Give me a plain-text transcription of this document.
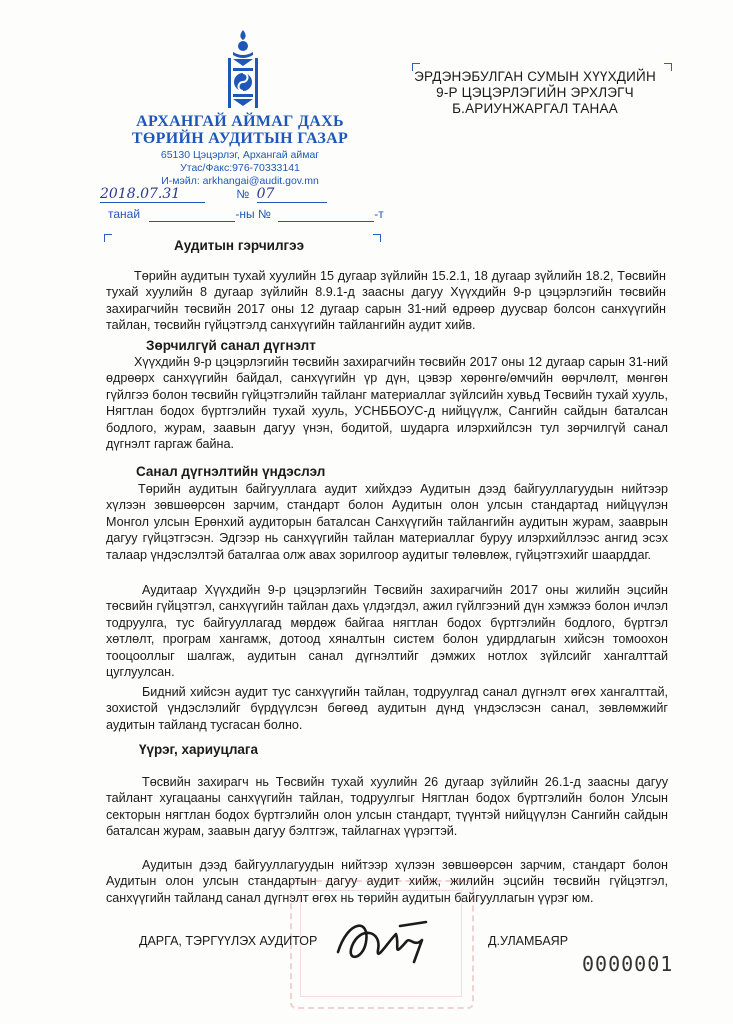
АРХАНГАЙ АЙМАГ ДАХЬ
ТӨРИЙН АУДИТЫН ГАЗАР
65130 Цэцэрлэг, Архангай аймаг
Утас/Факс:976-70333141
И-мэйл: arkhangai@audit.gov.mn
ЭРДЭНЭБУЛГАН СУМЫН ХҮҮХДИЙН
9-Р ЦЭЦЭРЛЭГИЙН ЭРХЛЭГЧ
Б.АРИУНЖАРГАЛ ТАНАА
2018.07.31	№ 07
танай	-ны №	-т
Аудитын гэрчилгээ
Төрийн аудитын тухай хуулийн 15 дугаар зүйлийн 15.2.1, 18 дугаар зүйлийн 18.2, Төсвийн тухай хуулийн 8 дугаар зүйлийн 8.9.1-д заасны дагуу Хүүхдийн 9-р цэцэрлэгийн төсвийн захирагчийн төсвийн 2017 оны 12 дугаар сарын 31-ний өдрөөр дуусвар болсон санхүүгийн тайлан, төсвийн гүйцэтгэлд санхүүгийн тайлангийн аудит хийв.
Зөрчилгүй санал дүгнэлт
Хүүхдийн 9-р цэцэрлэгийн төсвийн захирагчийн төсвийн 2017 оны 12 дугаар сарын 31-ний өдрөөрх санхүүгийн байдал, санхүүгийн үр дүн, цэвэр хөрөнгө/өмчийн өөрчлөлт, мөнгөн гүйлгээ болон төсвийн гүйцэтгэлийн тайланг материаллаг зүйлсийн хувьд Төсвийн тухай хууль, Нягтлан бодох бүртгэлийн тухай хууль, УСНББОУС-д нийцүүлж, Сангийн сайдын баталсан бодлого, журам, заавын дагуу үнэн, бодитой, шударга илэрхийлсэн тул зөрчилгүй санал дүгнэлт гаргаж байна.
Санал дүгнэлтийн үндэслэл
Төрийн аудитын байгууллага аудит хийхдээ Аудитын дээд байгууллагуудын нийтээр хүлээн зөвшөөрсөн зарчим, стандарт болон Аудитын олон улсын стандартад нийцүүлэн Монгол улсын Ерөнхий аудиторын баталсан Санхүүгийн тайлангийн аудитын журам, зааврын дагуу гүйцэтгэсэн. Эдгээр нь санхүүгийн тайлан материаллаг буруу илэрхийллээс ангид эсэх талаар үндэслэлтэй баталгаа олж авах зорилгоор аудитыг төлөвлөж, гүйцэтгэхийг шаарддаг.
Аудитаар Хүүхдийн 9-р цэцэрлэгийн Төсвийн захирагчийн 2017 оны жилийн эцсийн төсвийн гүйцэтгэл, санхүүгийн тайлан дахь үлдэгдэл, ажил гүйлгээний дүн хэмжээ болон ичлэл тодруулга, тус байгууллагад мөрдөж байгаа нягтлан бодох бүртгэлийн бодлого, бүртгэл хөтлөлт, програм хангамж, дотоод хяналтын систем болон удирдлагын хийсэн томоохон тооцооллыг шалгаж, аудитын санал дүгнэлтийг дэмжих нотлох зүйлсийг хангалттай цуглуулсан.
Бидний хийсэн аудит тус санхүүгийн тайлан, тодруулгад санал дүгнэлт өгөх хангалттай, зохистой үндэслэлийг бүрдүүлсэн бөгөөд аудитын дүнд үндэслэсэн санал, зөвлөмжийг аудитын тайланд тусгасан болно.
Үүрэг, хариуцлага
Төсвийн захирагч нь Төсвийн тухай хуулийн 26 дугаар зүйлийн 26.1-д заасны дагуу тайлант хугацааны санхүүгийн тайлан, тодруулгыг Нягтлан бодох бүртгэлийн болон Улсын секторын нягтлан бодох бүртгэлийн олон улсын стандарт, түүнтэй нийцүүлэн Сангийн сайдын баталсан журам, заавын дагуу бэлтгэж, тайлагнах үүрэгтэй.
Аудитын дээд байгууллагуудын нийтээр хүлээн зөвшөөрсөн зарчим, стандарт болон Аудитын олон улсын стандартын дагуу аудит хийж, жилийн эцсийн төсвийн гүйцэтгэл, санхүүгийн тайланд санал дүгнэлт өгөх нь төрийн аудитын байгууллагын үүрэг юм.
ДАРГА, ТЭРГҮҮЛЭХ АУДИТОР	Д.УЛАМБАЯР
0000001
